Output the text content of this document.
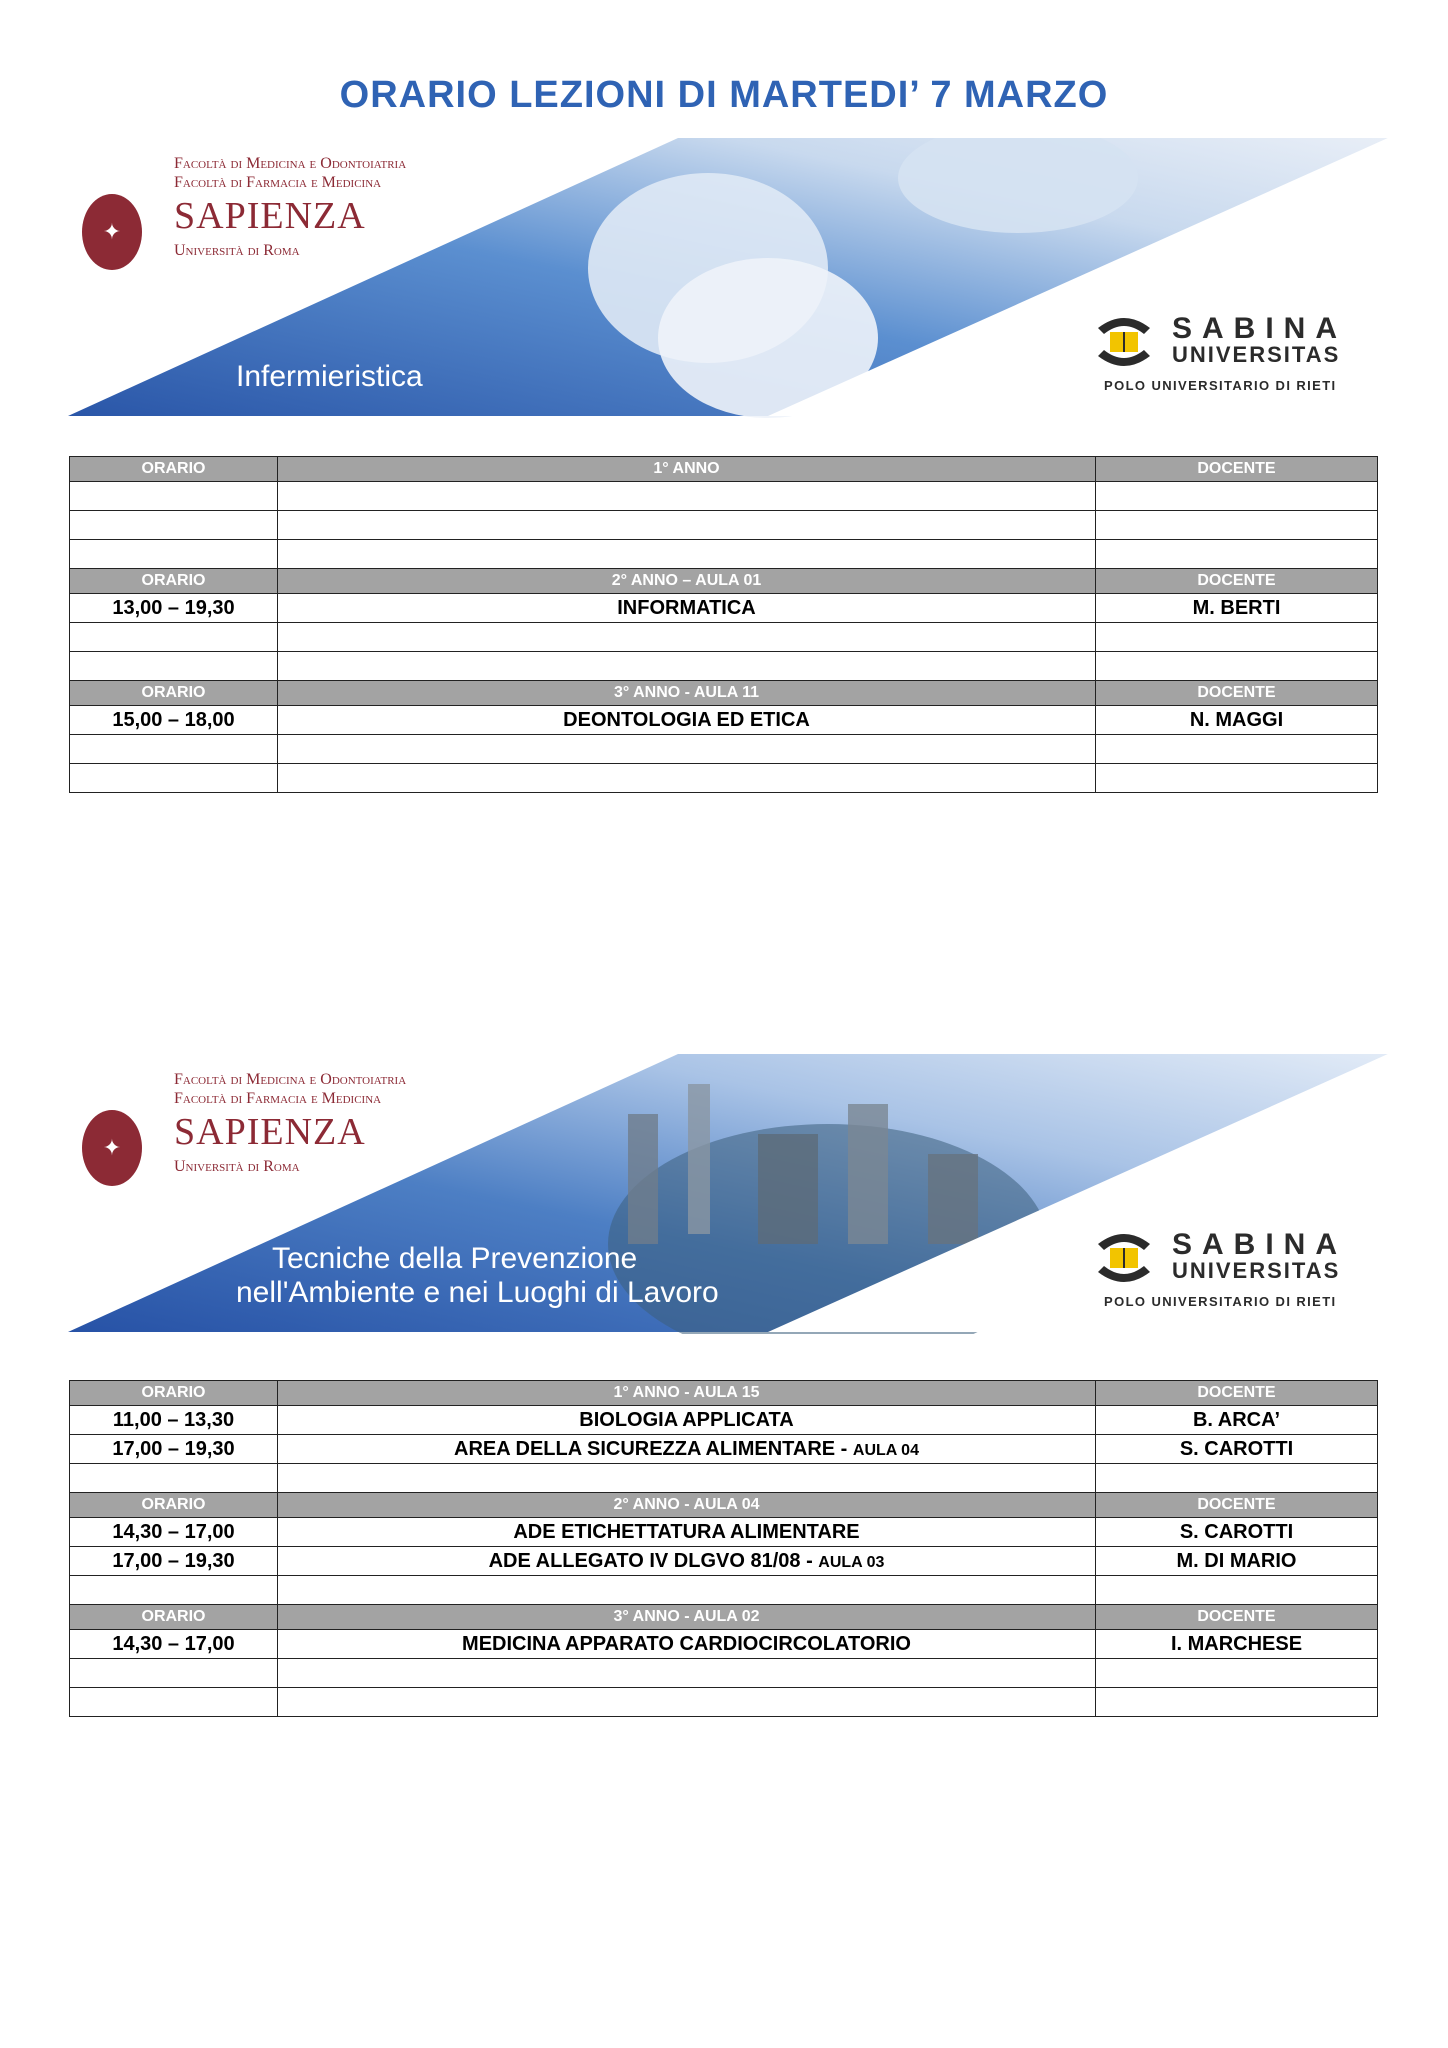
ORARIO LEZIONI DI MARTEDI’ 7 MARZO
Facoltà di Medicina e Odontoiatria
Facoltà di Farmacia e Medicina
✦ SAPIENZA
Università di Roma
Infermieristica
SABINA
UNIVERSITAS
POLO UNIVERSITARIO DI RIETI
ORARIO	1° ANNO	DOCENTE

ORARIO	2° ANNO – AULA 01	DOCENTE
13,00 – 19,30	INFORMATICA	M. BERTI

ORARIO	3° ANNO - AULA 11	DOCENTE
15,00 – 18,00	DEONTOLOGIA ED ETICA	N. MAGGI

Facoltà di Medicina e Odontoiatria
Facoltà di Farmacia e Medicina
✦ SAPIENZA
Università di Roma
Tecniche della Prevenzione
nell'Ambiente e nei Luoghi di Lavoro
SABINA
UNIVERSITAS
POLO UNIVERSITARIO DI RIETI
ORARIO	1° ANNO - AULA 15	DOCENTE
11,00 – 13,30	BIOLOGIA APPLICATA	B. ARCA’
17,00 – 19,30	AREA DELLA SICUREZZA ALIMENTARE - AULA 04	S. CAROTTI

ORARIO	2° ANNO - AULA 04	DOCENTE
14,30 – 17,00	ADE ETICHETTATURA ALIMENTARE	S. CAROTTI
17,00 – 19,30	ADE ALLEGATO IV DLGVO 81/08 - AULA 03	M. DI MARIO

ORARIO	3° ANNO - AULA 02	DOCENTE
14,30 – 17,00	MEDICINA APPARATO CARDIOCIRCOLATORIO	I. MARCHESE
